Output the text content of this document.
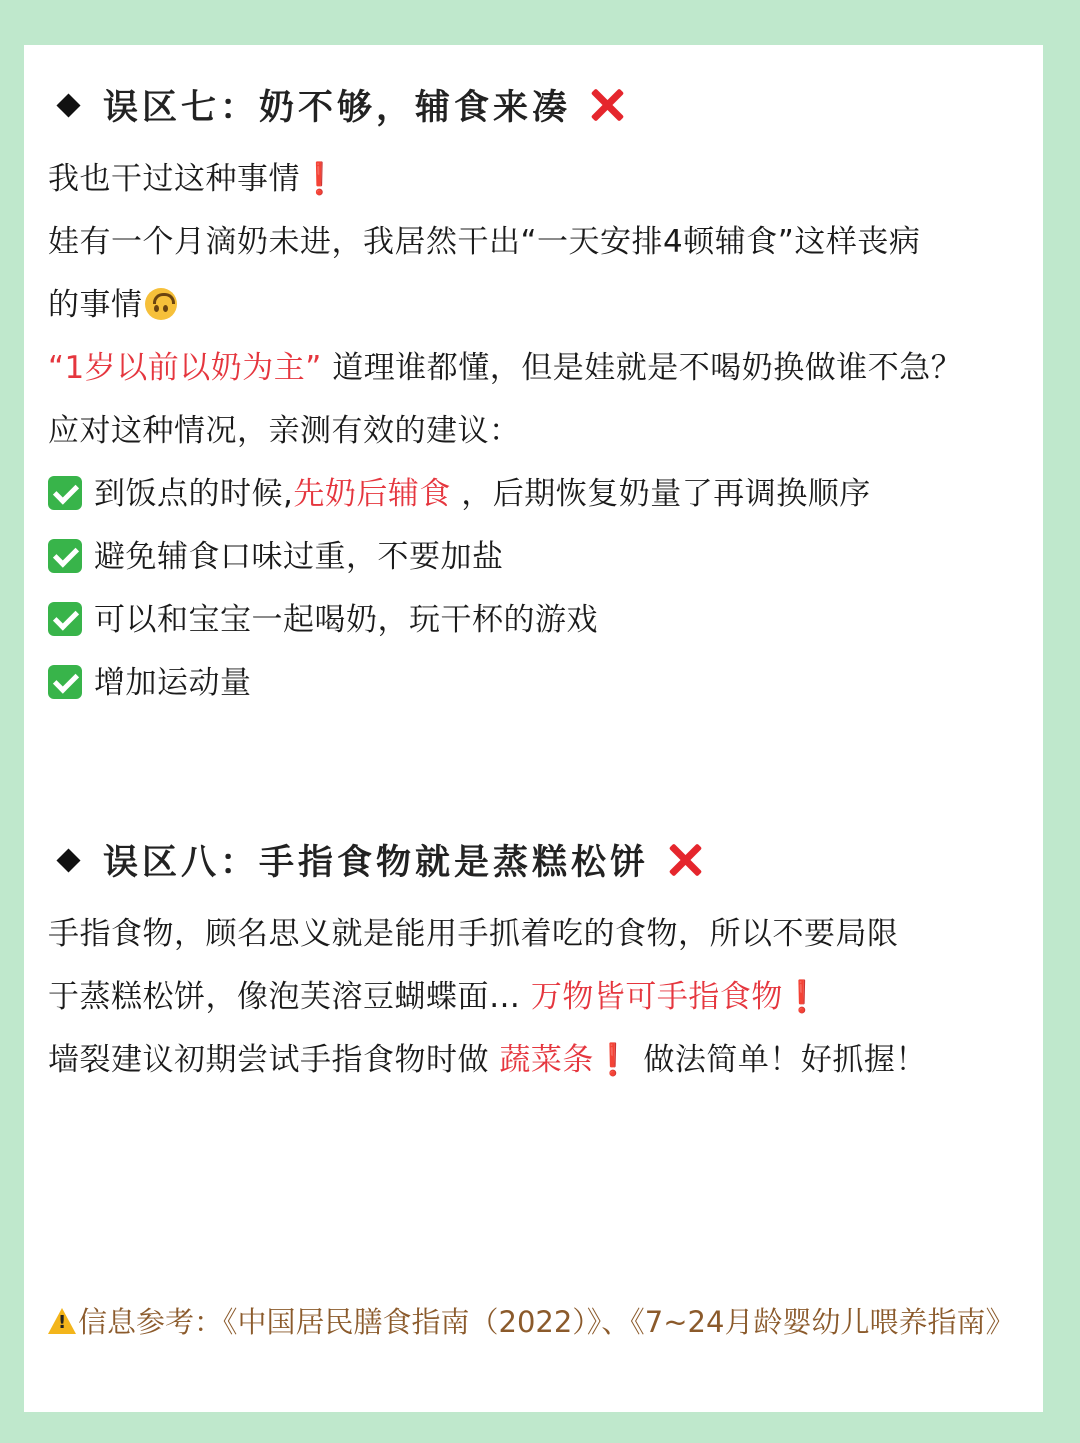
误区七：奶不够，辅食来凑
我也干过这种事情❗
娃有一个月滴奶未进，我居然干出“一天安排4顿辅食”这样丧病
的事情
“1岁以前以奶为主” 道理谁都懂，但是娃就是不喝奶换做谁不急？
应对这种情况，亲测有效的建议：
到饭点的时候,先奶后辅食 ，后期恢复奶量了再调换顺序
避免辅食口味过重，不要加盐
可以和宝宝一起喝奶，玩干杯的游戏
增加运动量
误区八：手指食物就是蒸糕松饼
手指食物，顾名思义就是能用手抓着吃的食物，所以不要局限
于蒸糕松饼，像泡芙溶豆蝴蝶面… 万物皆可手指食物❗
墙裂建议初期尝试手指食物时做 蔬菜条❗ 做法简单！好抓握！
!信息参考：《中国居民膳食指南（2022）》、《7~24月龄婴幼儿喂养指南》
